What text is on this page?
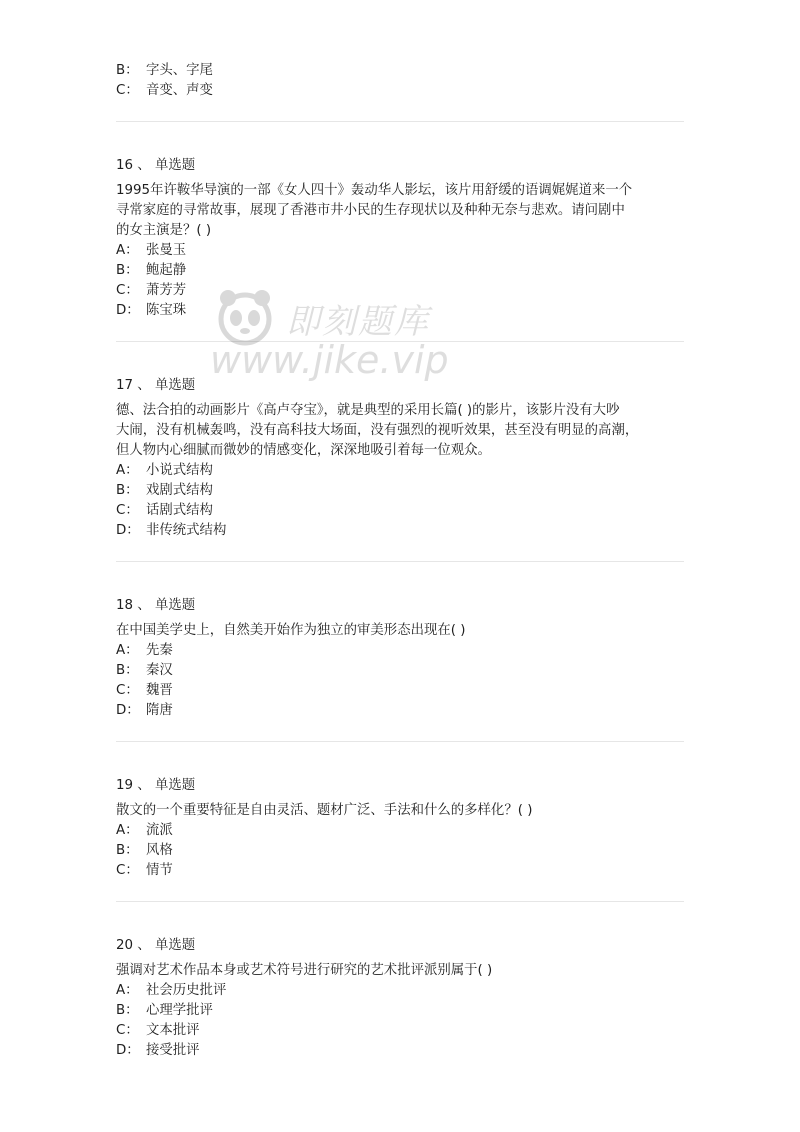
B： 字头、字尾
C： 音变、声变
16 、 单选题
1995年许鞍华导演的一部《女人四十》轰动华人影坛，该片用舒缓的语调娓娓道来一个
寻常家庭的寻常故事，展现了香港市井小民的生存现状以及种种无奈与悲欢。请问剧中
的女主演是？( )
A： 张曼玉
B： 鲍起静
C： 萧芳芳
D： 陈宝珠
17 、 单选题
德、法合拍的动画影片《高卢夺宝》，就是典型的采用长篇( )的影片，该影片没有大吵
大闹，没有机械轰鸣，没有高科技大场面，没有强烈的视听效果，甚至没有明显的高潮，
但人物内心细腻而微妙的情感变化，深深地吸引着每一位观众。
A： 小说式结构
B： 戏剧式结构
C： 话剧式结构
D： 非传统式结构
18 、 单选题
在中国美学史上，自然美开始作为独立的审美形态出现在( )
A： 先秦
B： 秦汉
C： 魏晋
D： 隋唐
19 、 单选题
散文的一个重要特征是自由灵活、题材广泛、手法和什么的多样化？( )
A： 流派
B： 风格
C： 情节
20 、 单选题
强调对艺术作品本身或艺术符号进行研究的艺术批评派别属于( )
A： 社会历史批评
B： 心理学批评
C： 文本批评
D： 接受批评
即刻题库
www.jike.vip
